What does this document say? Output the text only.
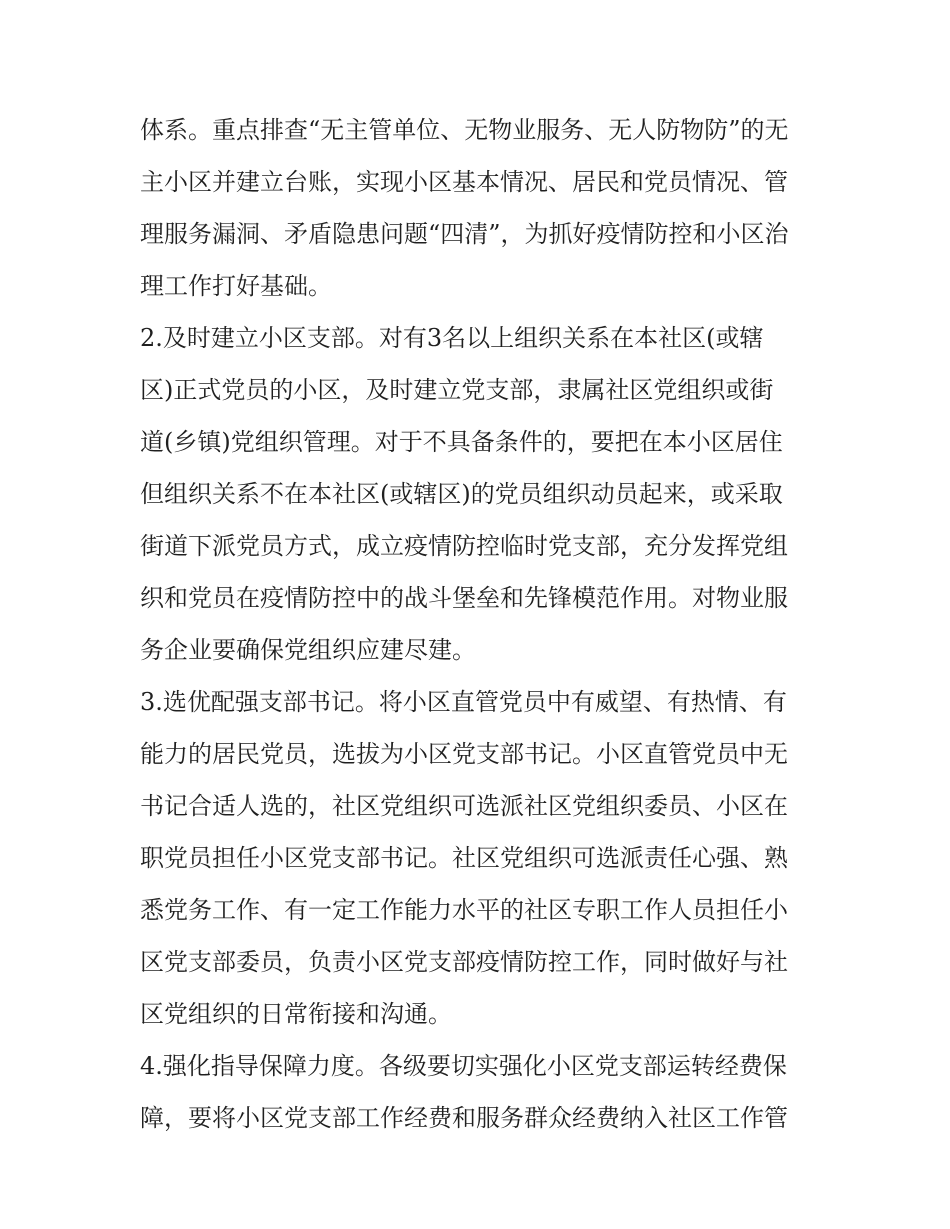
体系。重点排查“无主管单位、无物业服务、无人防物防”的无
主小区并建立台账，实现小区基本情况、居民和党员情况、管
理服务漏洞、矛盾隐患问题“四清”，为抓好疫情防控和小区治
理工作打好基础。
2.及时建立小区支部。对有3名以上组织关系在本社区(或辖
区)正式党员的小区，及时建立党支部，隶属社区党组织或街
道(乡镇)党组织管理。对于不具备条件的，要把在本小区居住
但组织关系不在本社区(或辖区)的党员组织动员起来，或采取
街道下派党员方式，成立疫情防控临时党支部，充分发挥党组
织和党员在疫情防控中的战斗堡垒和先锋模范作用。对物业服
务企业要确保党组织应建尽建。
3.选优配强支部书记。将小区直管党员中有威望、有热情、有
能力的居民党员，选拔为小区党支部书记。小区直管党员中无
书记合适人选的，社区党组织可选派社区党组织委员、小区在
职党员担任小区党支部书记。社区党组织可选派责任心强、熟
悉党务工作、有一定工作能力水平的社区专职工作人员担任小
区党支部委员，负责小区党支部疫情防控工作，同时做好与社
区党组织的日常衔接和沟通。
4.强化指导保障力度。各级要切实强化小区党支部运转经费保
障，要将小区党支部工作经费和服务群众经费纳入社区工作管
